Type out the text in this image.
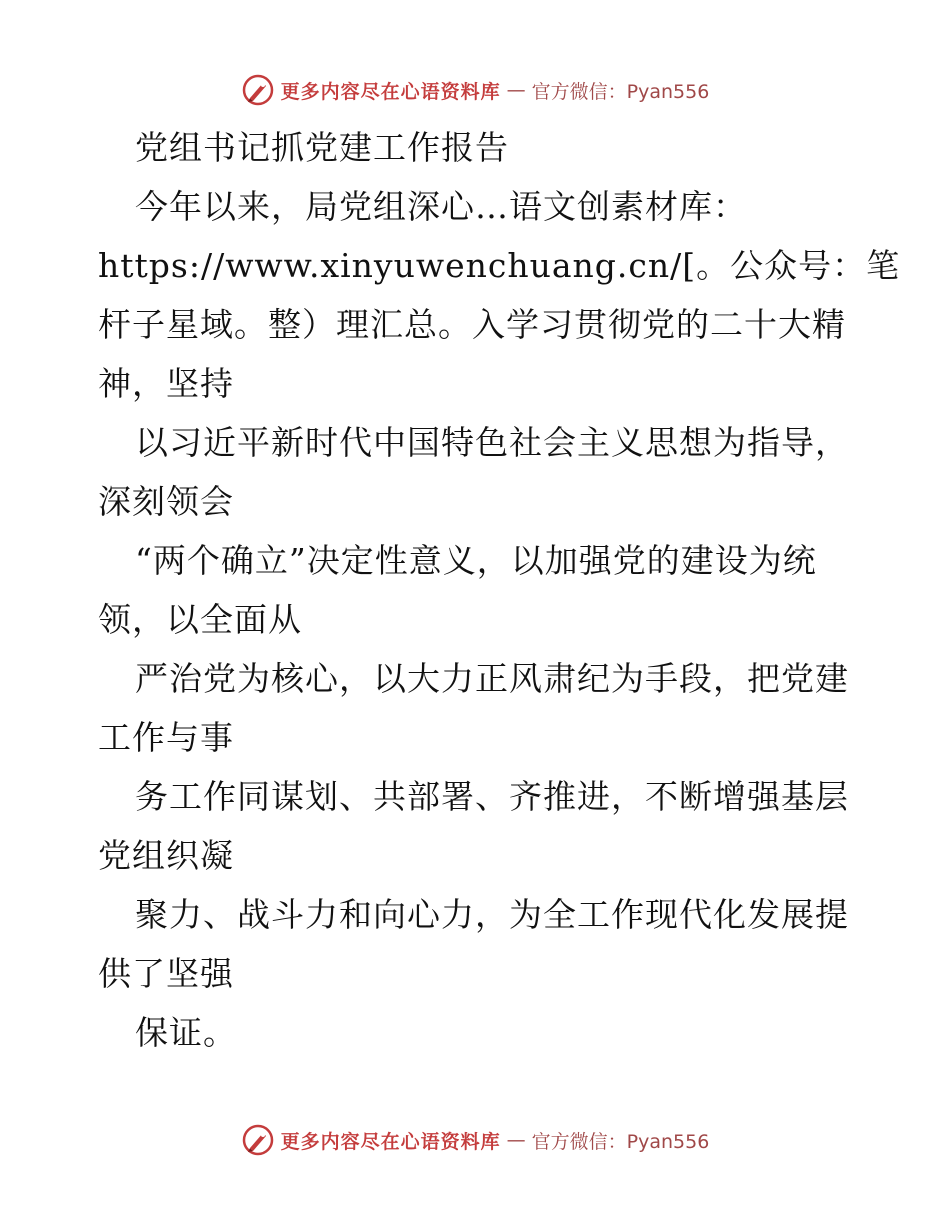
更多内容尽在心语资料库 — 官方微信：Pyan556
党组书记抓党建工作报告
今年以来，局党组深心…语文创素材库：
https://www.xinyuwenchuang.cn/[。公众号：笔
杆子星域。整）理汇总。入学习贯彻党的二十大精
神，坚持
以习近平新时代中国特色社会主义思想为指导，
深刻领会
“两个确立”决定性意义，以加强党的建设为统
领，以全面从
严治党为核心，以大力正风肃纪为手段，把党建
工作与事
务工作同谋划、共部署、齐推进，不断增强基层
党组织凝
聚力、战斗力和向心力，为全工作现代化发展提
供了坚强
保证。
更多内容尽在心语资料库 — 官方微信：Pyan556
